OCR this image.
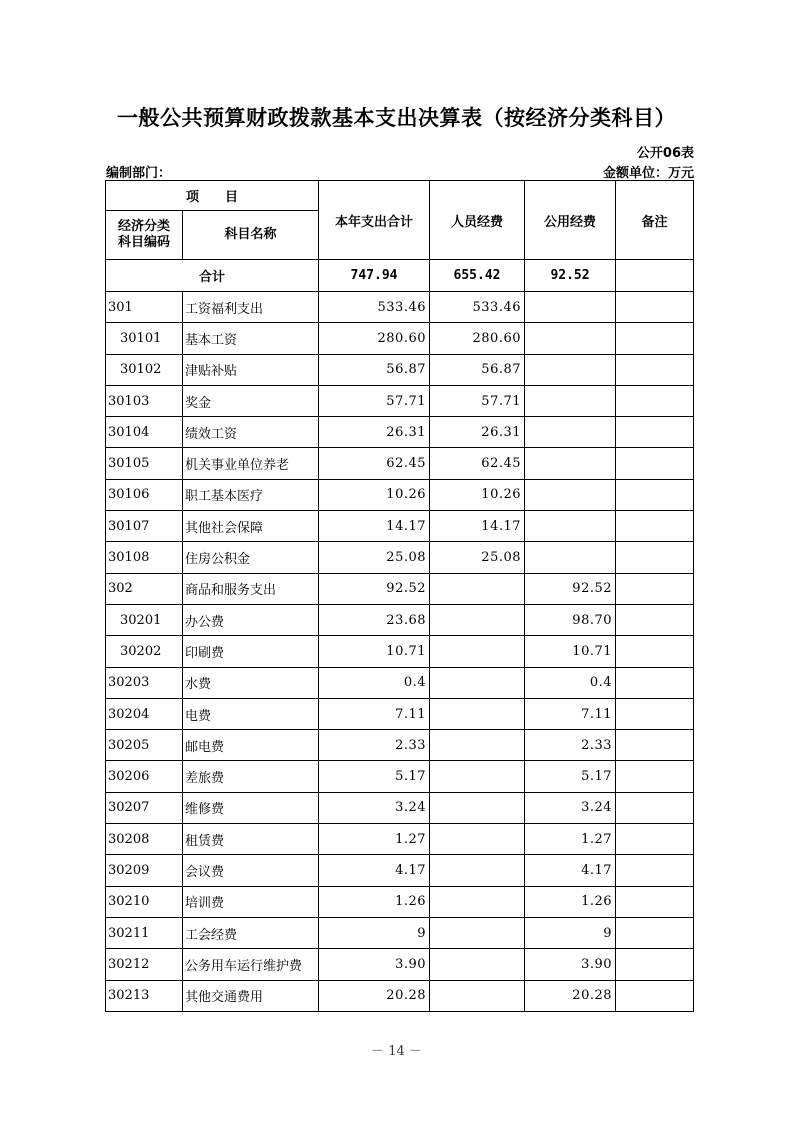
一般公共预算财政拨款基本支出决算表（按经济分类科目）
公开06表
编制部门：	金额单位：万元
项　　目		本年支出合计	人员经费	公用经费	备注
经济分类
科目编码	科目名称				
合计		747.94	655.42	92.52	
301	工资福利支出	533.46	533.46		
30101	基本工资	280.60	280.60		
30102	津贴补贴	56.87	56.87		
30103	奖金	57.71	57.71		
30104	绩效工资	26.31	26.31		
30105	机关事业单位养老	62.45	62.45		
30106	职工基本医疗	10.26	10.26		
30107	其他社会保障	14.17	14.17		
30108	住房公积金	25.08	25.08		
302	商品和服务支出	92.52		92.52	
30201	办公费	23.68		98.70	
30202	印刷费	10.71		10.71	
30203	水费	0.4		0.4	
30204	电费	7.11		7.11	
30205	邮电费	2.33		2.33	
30206	差旅费	5.17		5.17	
30207	维修费	3.24		3.24	
30208	租赁费	1.27		1.27	
30209	会议费	4.17		4.17	
30210	培训费	1.26		1.26	
30211	工会经费	9		9	
30212	公务用车运行维护费	3.90		3.90	
30213	其他交通费用	20.28		20.28	
－ 14 －
